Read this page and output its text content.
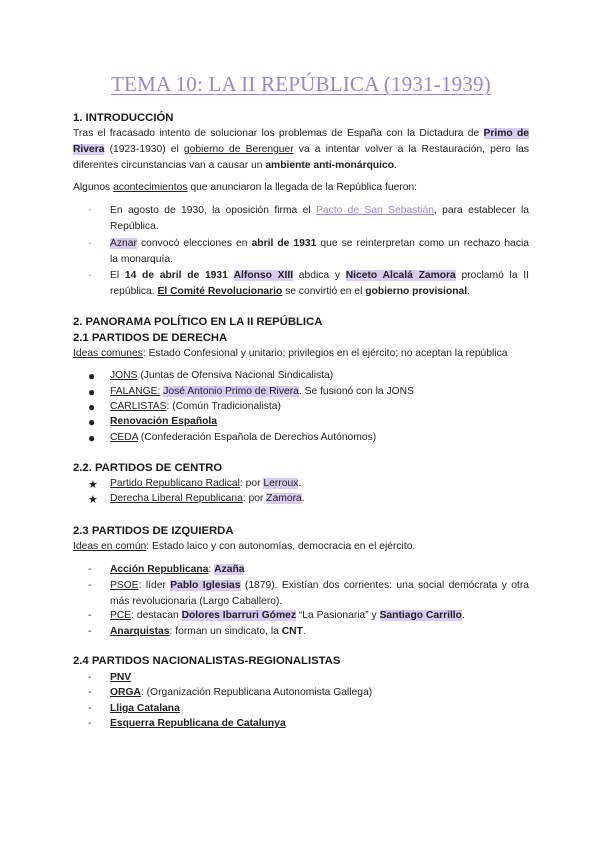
TEMA 10: LA II REPÚBLICA (1931-1939)
1. INTRODUCCIÓN
Tras el fracasado intento de solucionar los problemas de España con la Dictadura de Primo de
Rivera (1923-1930) el gobierno de Berenguer va a intentar volver a la Restauración, pero las
diferentes circunstancias van a causar un ambiente anti-monárquico.
Algunos acontecimientos que anunciaron la llegada de la República fueron:
- En agosto de 1930, la oposición firma el Pacto de San Sebastián, para establecer la
República.
- Aznar convocó elecciones en abril de 1931 que se reinterpretan como un rechazo hacia
la monarquía.
- El 14 de abril de 1931 Alfonso XIII abdica y Niceto Alcalá Zamora proclamó la II
república. El Comité Revolucionario se convirtió en el gobierno provisional.
2. PANORAMA POLÍTICO EN LA II REPÚBLICA
2.1 PARTIDOS DE DERECHA
Ideas comunes: Estado Confesional y unitario; privilegios en el ejército; no aceptan la república
● JONS (Juntas de Ofensiva Nacional Sindicalista)
● FALANGE: José Antonio Primo de Rivera. Se fusionó con la JONS
● CARLISTAS: (Común Tradicionalista)
● Renovación Española
● CEDA (Confederación Española de Derechos Autónomos)
2.2. PARTIDOS DE CENTRO
★ Partido Republicano Radical: por Lerroux.
★ Derecha Liberal Republicana: por Zamora.
2.3 PARTIDOS DE IZQUIERDA
Ideas en común: Estado laico y con autonomías, democracia en el ejército.
- Acción Republicana: Azaña
- PSOE: líder Pablo Iglesias (1879). Existían dos corrientes: una social demócrata y otra
más revolucionaria (Largo Caballero).
- PCE: destacan Dolores Ibarruri Gómez “La Pasionaria” y Santiago Carrillo.
- Anarquistas: forman un sindicato, la CNT.
2.4 PARTIDOS NACIONALISTAS-REGIONALISTAS
- PNV
- ORGA: (Organización Republicana Autonomista Gallega)
- Lliga Catalana
- Esquerra Republicana de Catalunya
